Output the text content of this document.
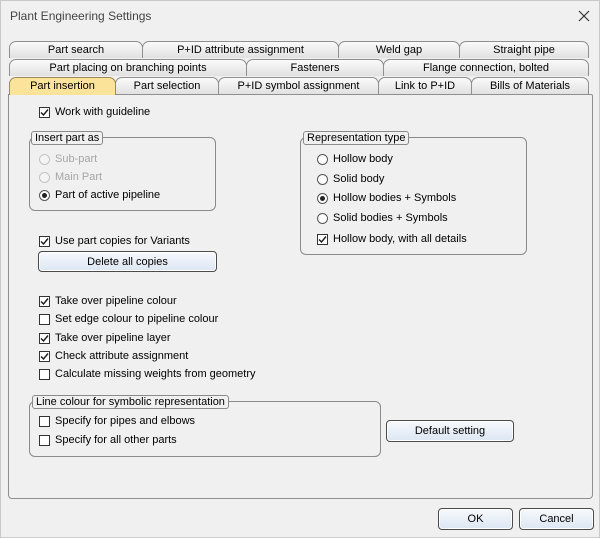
Plant Engineering Settings
Part search	P+ID attribute assignment	Weld gap	Straight pipe
Part placing on branching points	Fasteners	Flange connection, bolted
Part insertion	Part selection	P+ID symbol assignment	Link to P+ID	Bills of Materials
Work with guideline
Insert part as
Sub-part
Main Part
Part of active pipeline
Representation type
Hollow body
Solid body
Hollow bodies + Symbols
Solid bodies + Symbols
Hollow body, with all details
Use part copies for Variants
Delete all copies
Take over pipeline colour
Set edge colour to pipeline colour
Take over pipeline layer
Check attribute assignment
Calculate missing weights from geometry
Line colour for symbolic representation
Specify for pipes and elbows
Specify for all other parts
Default setting
OK	Cancel
